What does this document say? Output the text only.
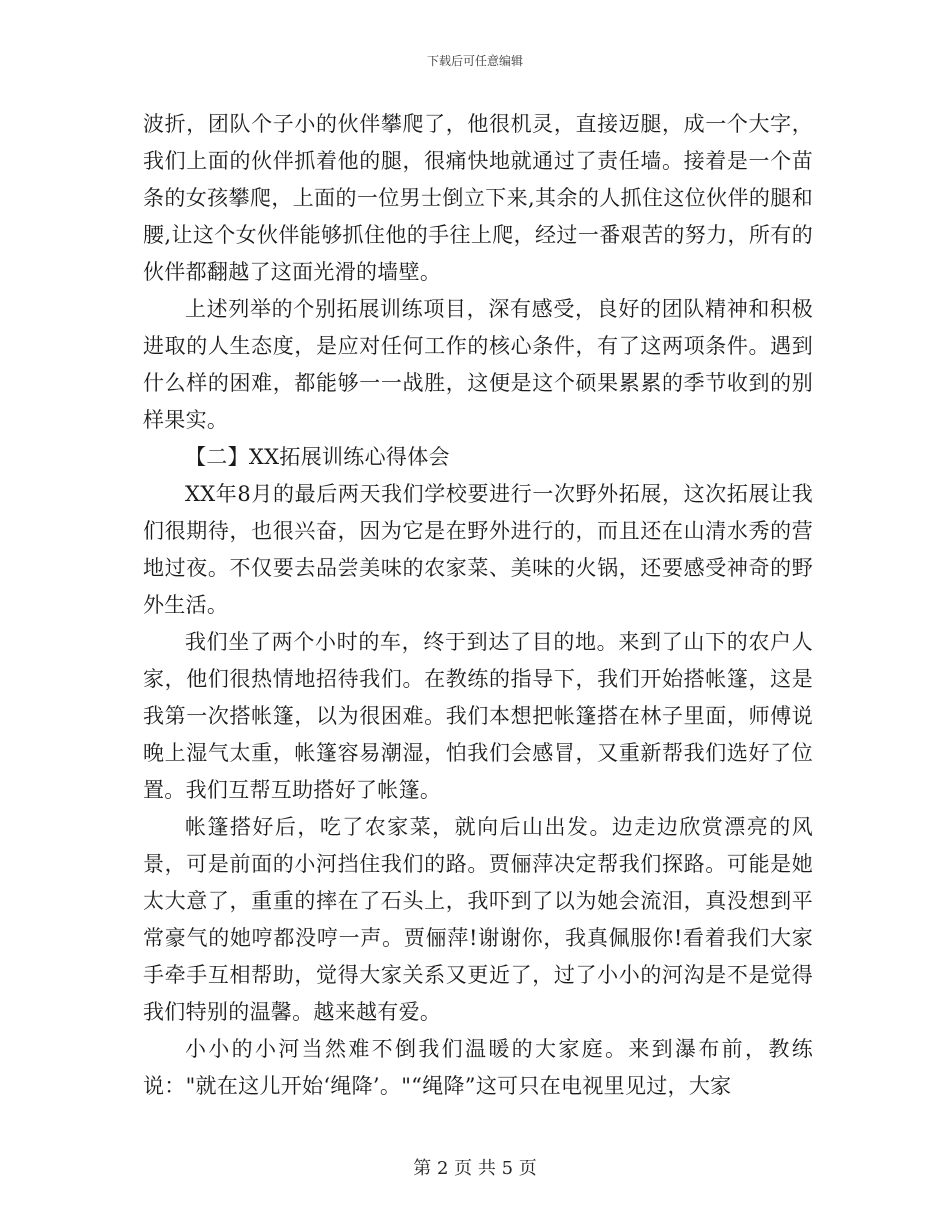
下载后可任意编辑

波折，团队个子小的伙伴攀爬了，他很机灵，直接迈腿，成一个大字，我们上面的伙伴抓着他的腿，很痛快地就通过了责任墙。接着是一个苗条的女孩攀爬，上面的一位男士倒立下来,其余的人抓住这位伙伴的腿和腰,让这个女伙伴能够抓住他的手往上爬，经过一番艰苦的努力，所有的伙伴都翻越了这面光滑的墙壁。

上述列举的个别拓展训练项目，深有感受，良好的团队精神和积极进取的人生态度，是应对任何工作的核心条件，有了这两项条件。遇到什么样的困难，都能够一一战胜，这便是这个硕果累累的季节收到的别样果实。

【二】XX拓展训练心得体会

XX年8月的最后两天我们学校要进行一次野外拓展，这次拓展让我们很期待，也很兴奋，因为它是在野外进行的，而且还在山清水秀的营地过夜。不仅要去品尝美味的农家菜、美味的火锅，还要感受神奇的野外生活。

我们坐了两个小时的车，终于到达了目的地。来到了山下的农户人家，他们很热情地招待我们。在教练的指导下，我们开始搭帐篷，这是我第一次搭帐篷，以为很困难。我们本想把帐篷搭在林子里面，师傅说晚上湿气太重，帐篷容易潮湿，怕我们会感冒，又重新帮我们选好了位置。我们互帮互助搭好了帐篷。

帐篷搭好后，吃了农家菜，就向后山出发。边走边欣赏漂亮的风景，可是前面的小河挡住我们的路。贾俪萍决定帮我们探路。可能是她太大意了，重重的摔在了石头上，我吓到了以为她会流泪，真没想到平常豪气的她哼都没哼一声。贾俪萍!谢谢你，我真佩服你!看着我们大家手牵手互相帮助，觉得大家关系又更近了，过了小小的河沟是不是觉得我们特别的温馨。越来越有爱。

小小的小河当然难不倒我们温暖的大家庭。来到瀑布前，教练说："就在这儿开始‘绳降’。"“绳降”这可只在电视里见过，大家

第 2 页 共 5 页
